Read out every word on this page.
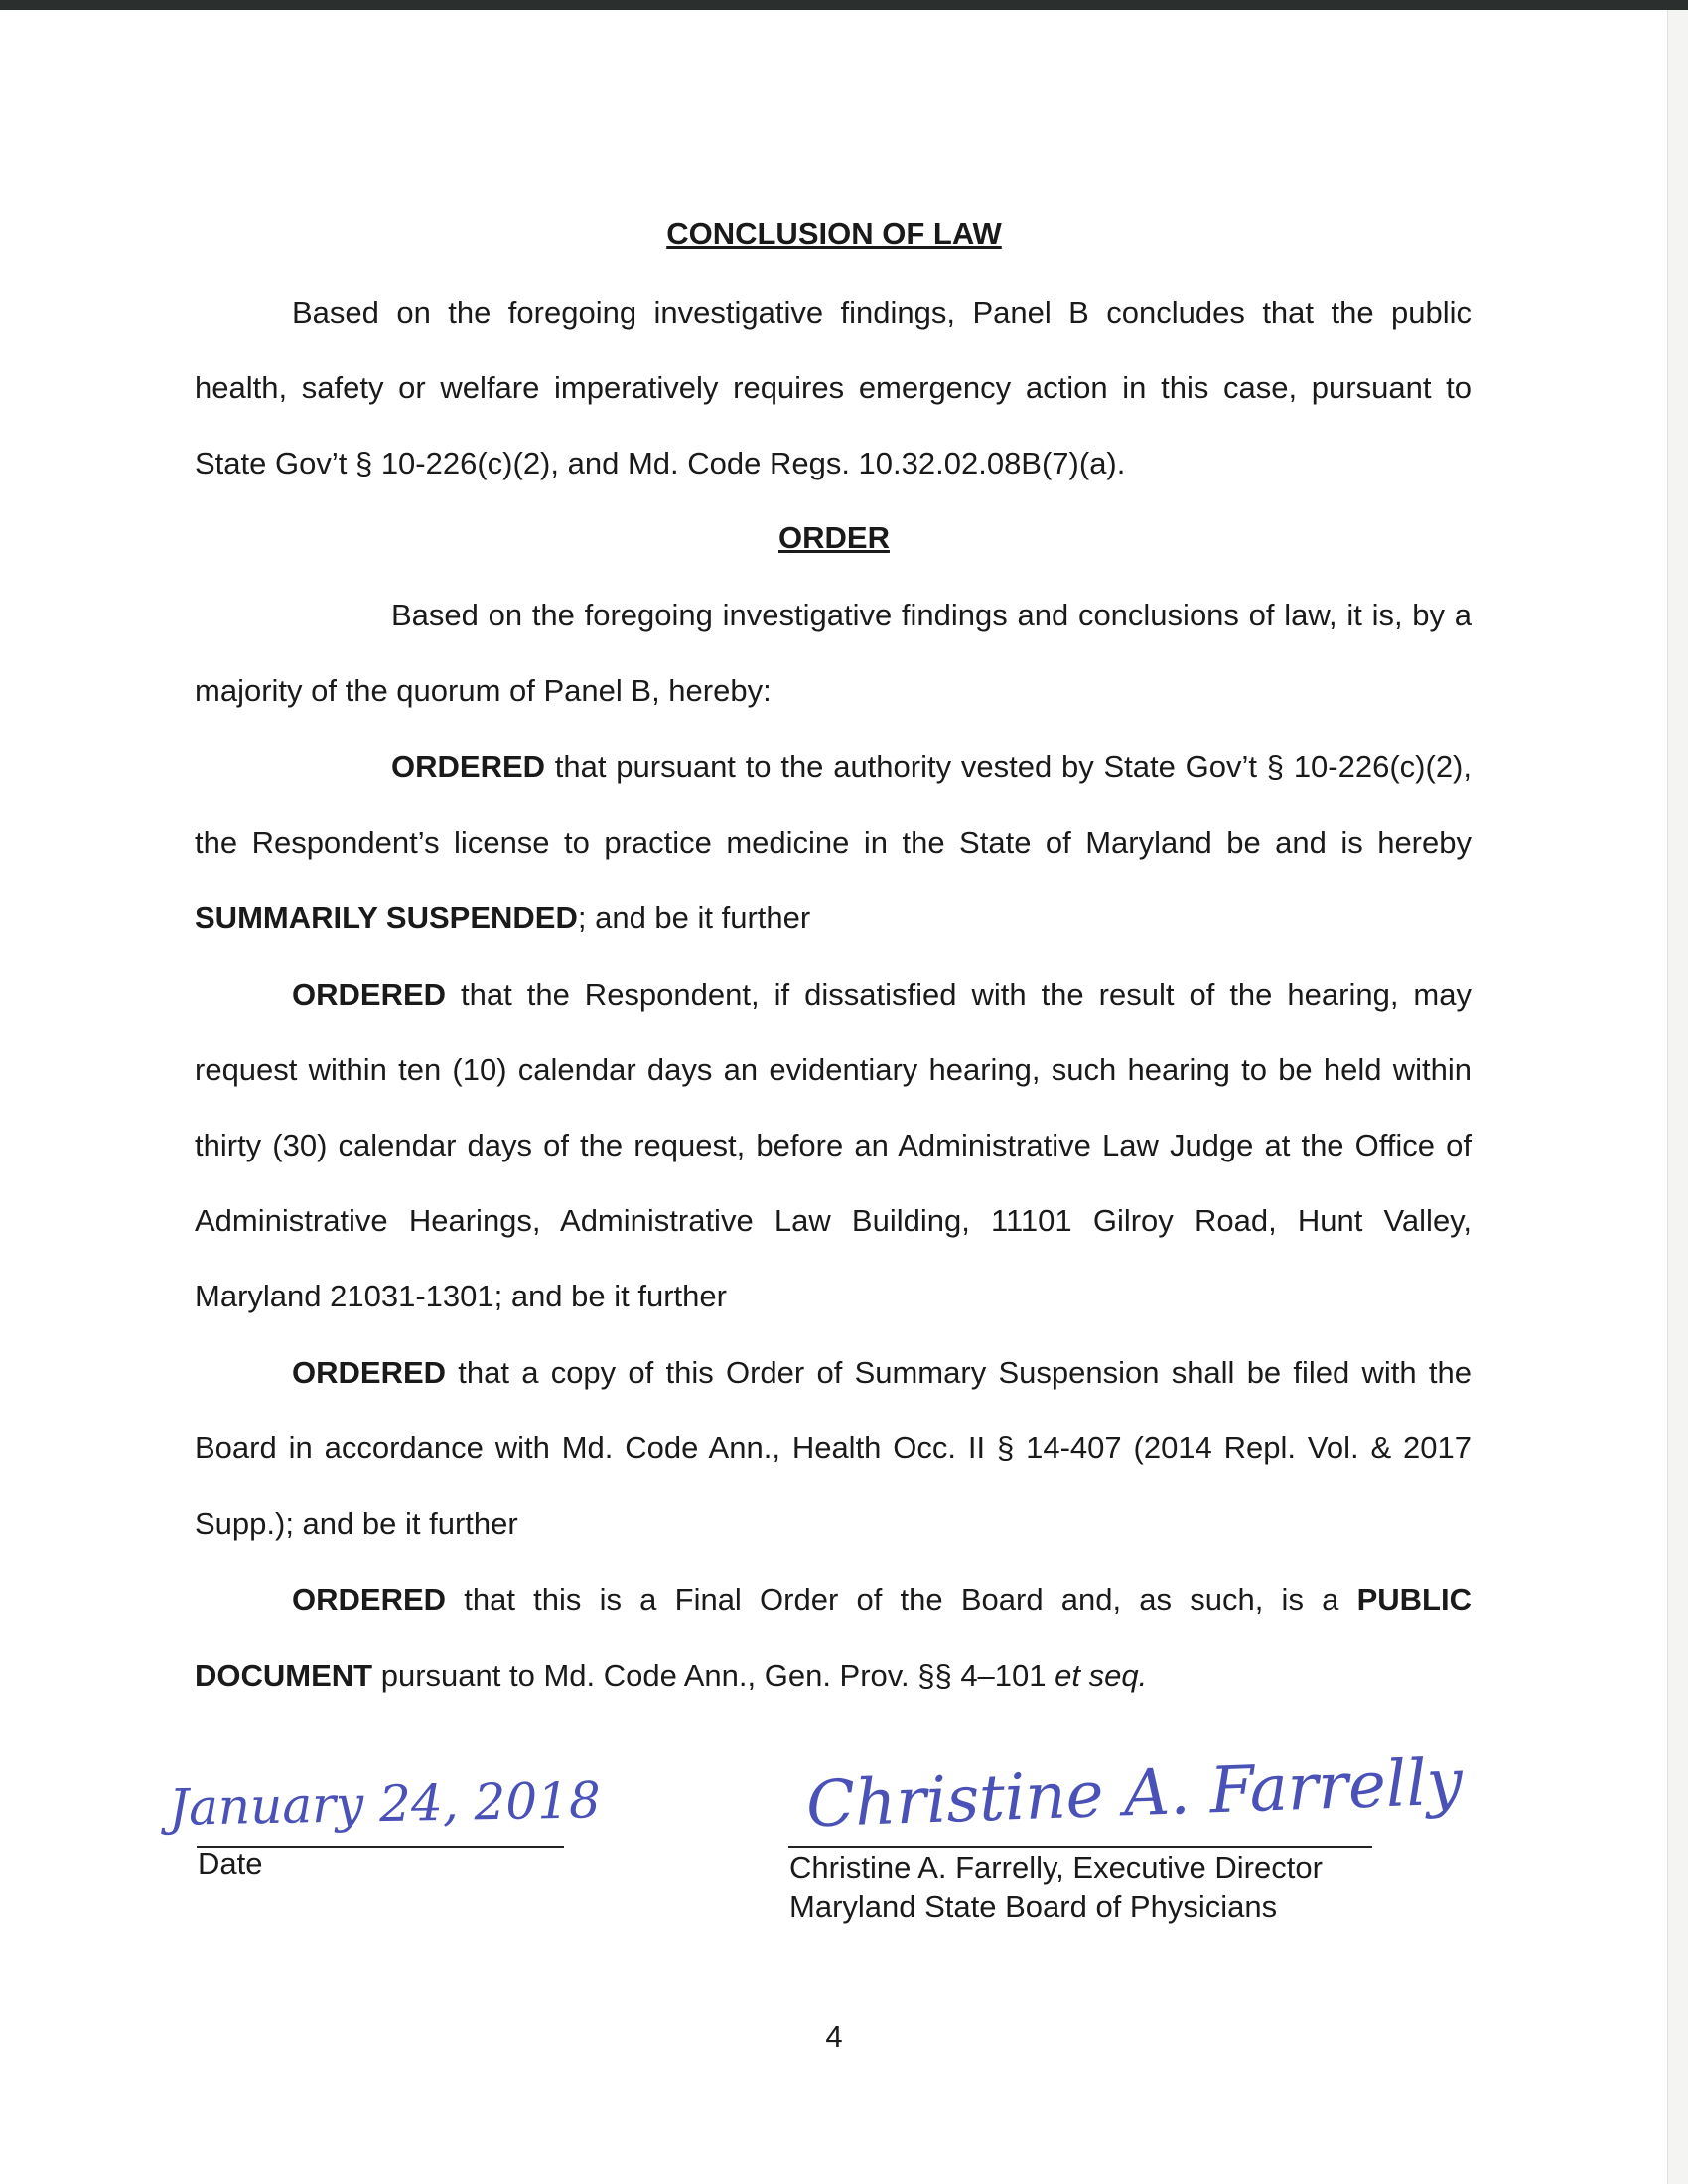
CONCLUSION OF LAW
Based on the foregoing investigative findings, Panel B concludes that the public health, safety or welfare imperatively requires emergency action in this case, pursuant to State Gov’t § 10-226(c)(2), and Md. Code Regs. 10.32.02.08B(7)(a).
ORDER
Based on the foregoing investigative findings and conclusions of law, it is, by a majority of the quorum of Panel B, hereby:
ORDERED that pursuant to the authority vested by State Gov’t § 10-226(c)(2), the Respondent’s license to practice medicine in the State of Maryland be and is hereby SUMMARILY SUSPENDED; and be it further
ORDERED that the Respondent, if dissatisfied with the result of the hearing, may request within ten (10) calendar days an evidentiary hearing, such hearing to be held within thirty (30) calendar days of the request, before an Administrative Law Judge at the Office of Administrative Hearings, Administrative Law Building, 11101 Gilroy Road, Hunt Valley, Maryland 21031-1301; and be it further
ORDERED that a copy of this Order of Summary Suspension shall be filed with the Board in accordance with Md. Code Ann., Health Occ. II § 14-407 (2014 Repl. Vol. & 2017 Supp.); and be it further
ORDERED that this is a Final Order of the Board and, as such, is a PUBLIC DOCUMENT pursuant to Md. Code Ann., Gen. Prov. §§ 4–101 et seq.
January 24, 2018
Date
Christine A. Farrelly
Christine A. Farrelly, Executive Director
Maryland State Board of Physicians
4
